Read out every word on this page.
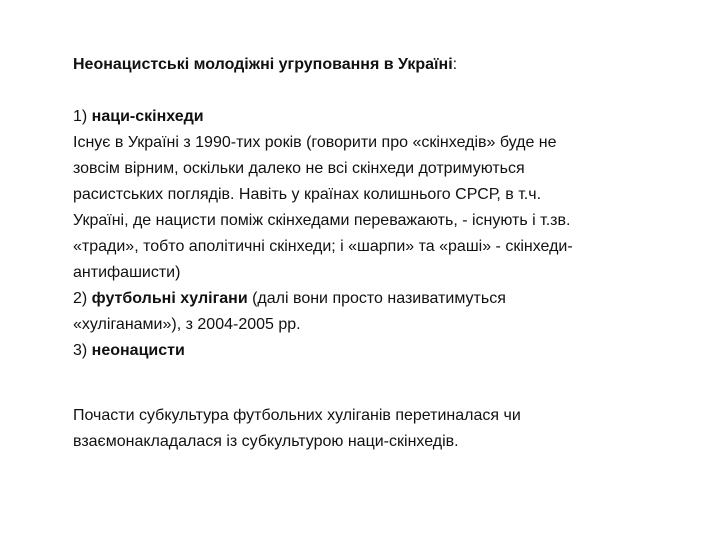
Неонацистські молодіжні угруповання в Україні:

1) наци-скінхеди

Існує в Україні з 1990-тих років (говорити про «скінхедів» буде не

зовсім вірним, оскільки далеко не всі скінхеди дотримуються

расистських поглядів. Навіть у країнах колишнього СРСР, в т.ч.

Україні, де нацисти поміж скінхедами переважають, - існують і т.зв.

«тради», тобто аполітичні скінхеди; і «шарпи» та «раші» - скінхеди-

антифашисти)

2) футбольні хулігани (далі вони просто називатимуться

«хуліганами»), з 2004-2005 рр.

3) неонацисти

Почасти субкультура футбольних хуліганів перетиналася чи

взаємонакладалася із субкультурою наци-скінхедів.
